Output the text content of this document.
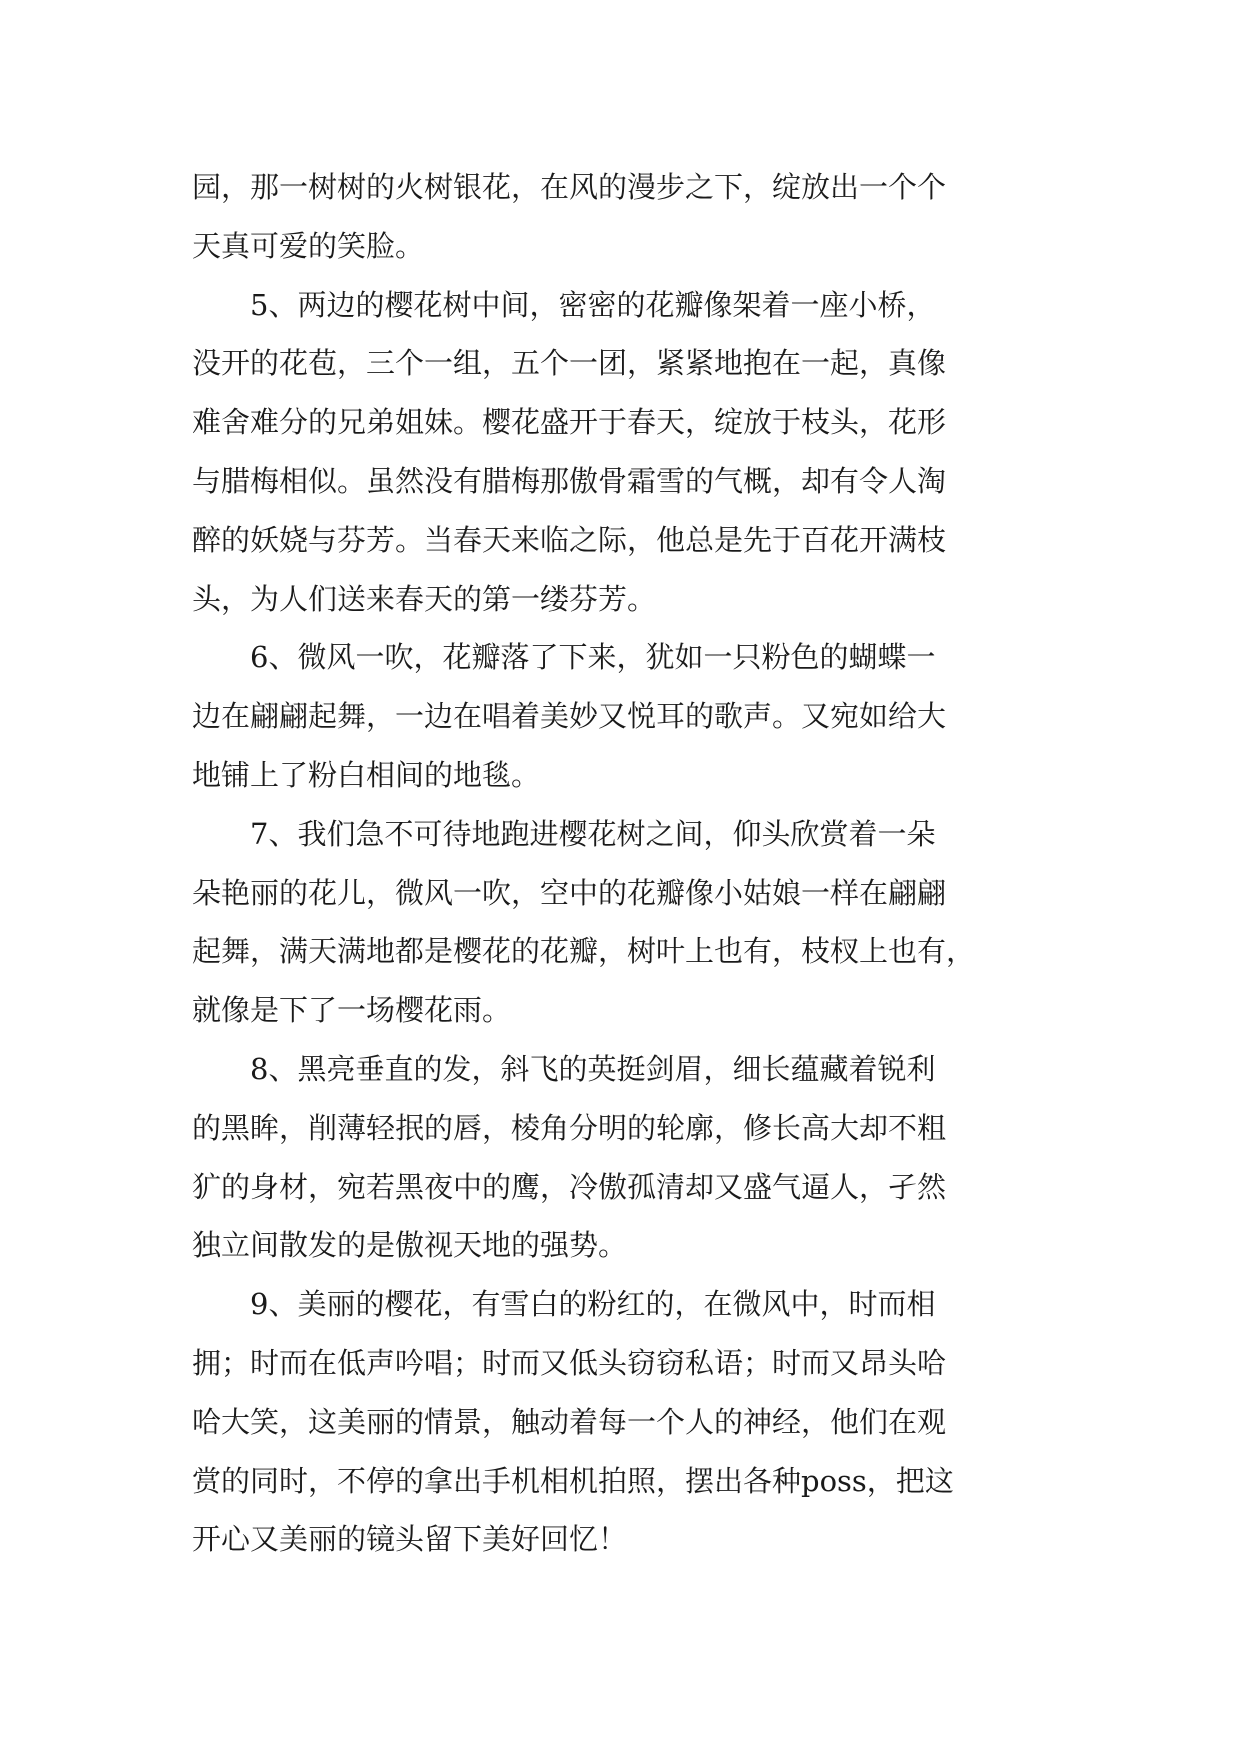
园，那一树树的火树银花，在风的漫步之下，绽放出一个个
天真可爱的笑脸。
5、两边的樱花树中间，密密的花瓣像架着一座小桥，
没开的花苞，三个一组，五个一团，紧紧地抱在一起，真像
难舍难分的兄弟姐妹。樱花盛开于春天，绽放于枝头，花形
与腊梅相似。虽然没有腊梅那傲骨霜雪的气概，却有令人淘
醉的妖娆与芬芳。当春天来临之际，他总是先于百花开满枝
头，为人们送来春天的第一缕芬芳。
6、微风一吹，花瓣落了下来，犹如一只粉色的蝴蝶一
边在翩翩起舞，一边在唱着美妙又悦耳的歌声。又宛如给大
地铺上了粉白相间的地毯。
7、我们急不可待地跑进樱花树之间，仰头欣赏着一朵
朵艳丽的花儿，微风一吹，空中的花瓣像小姑娘一样在翩翩
起舞，满天满地都是樱花的花瓣，树叶上也有，枝杈上也有，
就像是下了一场樱花雨。
8、黑亮垂直的发，斜飞的英挺剑眉，细长蕴藏着锐利
的黑眸，削薄轻抿的唇，棱角分明的轮廓，修长高大却不粗
犷的身材，宛若黑夜中的鹰，冷傲孤清却又盛气逼人，孑然
独立间散发的是傲视天地的强势。
9、美丽的樱花，有雪白的粉红的，在微风中，时而相
拥；时而在低声吟唱；时而又低头窃窃私语；时而又昂头哈
哈大笑，这美丽的情景，触动着每一个人的神经，他们在观
赏的同时，不停的拿出手机相机拍照，摆出各种poss，把这
开心又美丽的镜头留下美好回忆！
